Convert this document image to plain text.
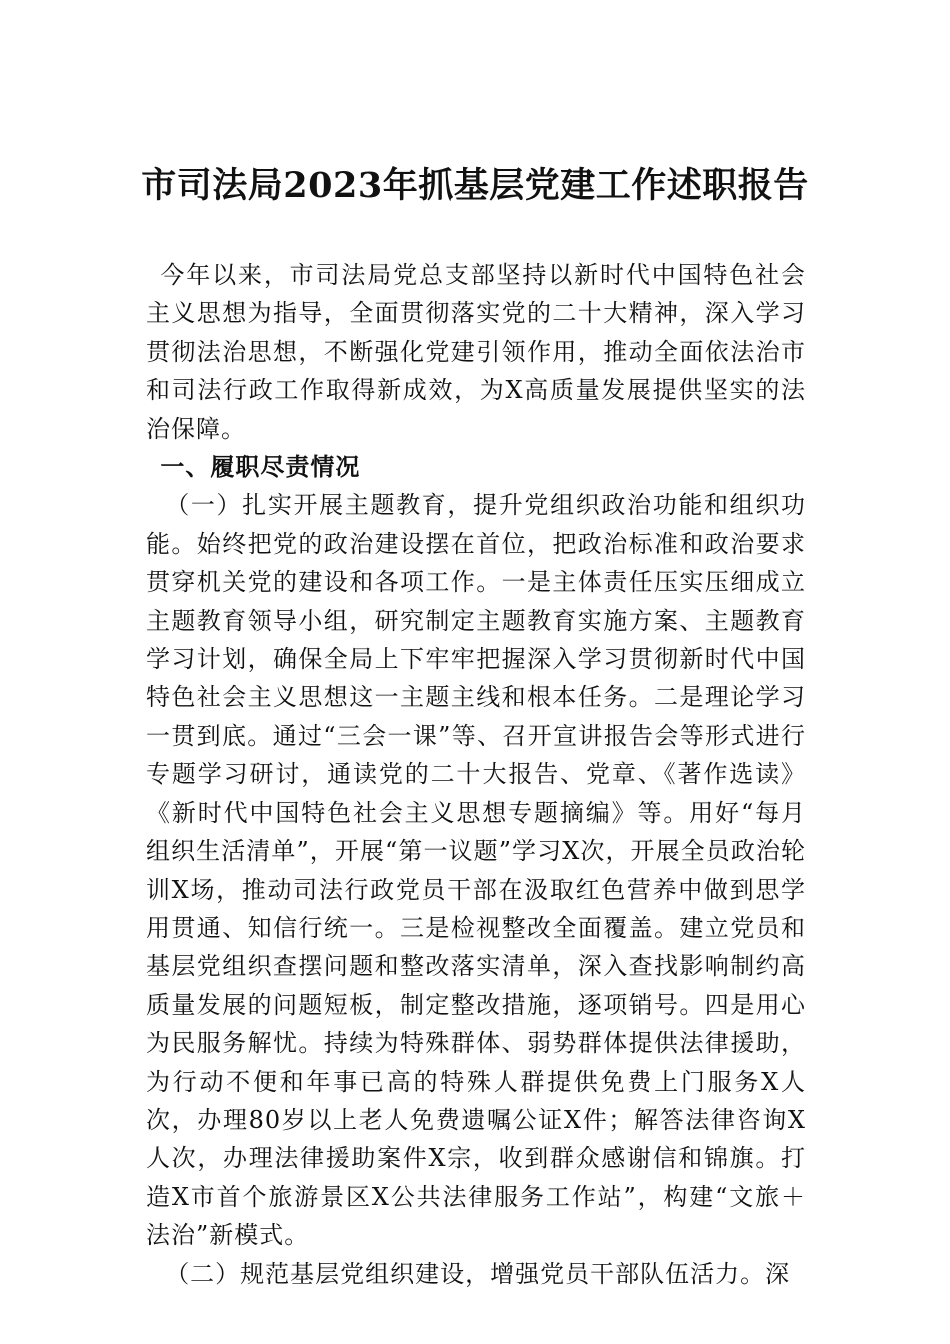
市司法局2023年抓基层党建工作述职报告

今年以来，市司法局党总支部坚持以新时代中国特色社会主义思想为指导，全面贯彻落实党的二十大精神，深入学习贯彻法治思想，不断强化党建引领作用，推动全面依法治市和司法行政工作取得新成效，为X高质量发展提供坚实的法治保障。

一、履职尽责情况

（一）扎实开展主题教育，提升党组织政治功能和组织功能。始终把党的政治建设摆在首位，把政治标准和政治要求贯穿机关党的建设和各项工作。一是主体责任压实压细成立主题教育领导小组，研究制定主题教育实施方案、主题教育学习计划，确保全局上下牢牢把握深入学习贯彻新时代中国特色社会主义思想这一主题主线和根本任务。二是理论学习一贯到底。通过“三会一课”等、召开宣讲报告会等形式进行专题学习研讨，通读党的二十大报告、党章、《著作选读》《新时代中国特色社会主义思想专题摘编》等。用好“每月组织生活清单”，开展“第一议题”学习X次，开展全员政治轮训X场，推动司法行政党员干部在汲取红色营养中做到思学用贯通、知信行统一。三是检视整改全面覆盖。建立党员和基层党组织查摆问题和整改落实清单，深入查找影响制约高质量发展的问题短板，制定整改措施，逐项销号。四是用心为民服务解忧。持续为特殊群体、弱势群体提供法律援助，为行动不便和年事已高的特殊人群提供免费上门服务X人次，办理80岁以上老人免费遗嘱公证X件；解答法律咨询X人次，办理法律援助案件X宗，收到群众感谢信和锦旗。打造X市首个旅游景区X公共法律服务工作站”，构建“文旅＋法治”新模式。

（二）规范基层党组织建设，增强党员干部队伍活力。深
